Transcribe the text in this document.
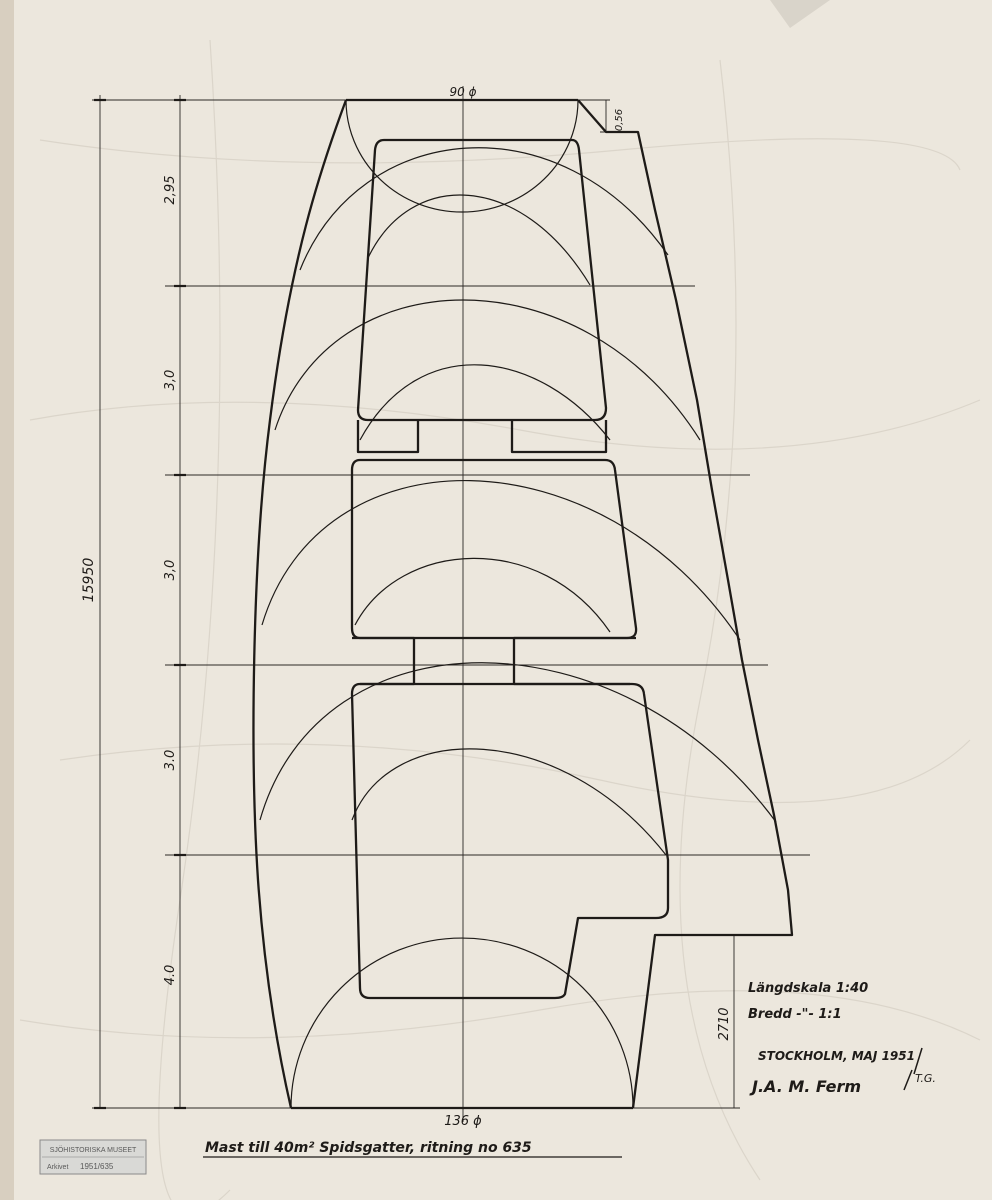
90 ϕ
136 ϕ
0,56
15950
2,95
3,0
3,0
3.0
4.0
2710
Längdskala 1:40
Bredd -"- 1:1
STOCKHOLM, MAJ 1951
J.A. M. Ferm	T.G.
Mast till 40m² Spidsgatter, ritning no 635
SJÖHISTORISKA MUSEET
Arkivet 1951/635
